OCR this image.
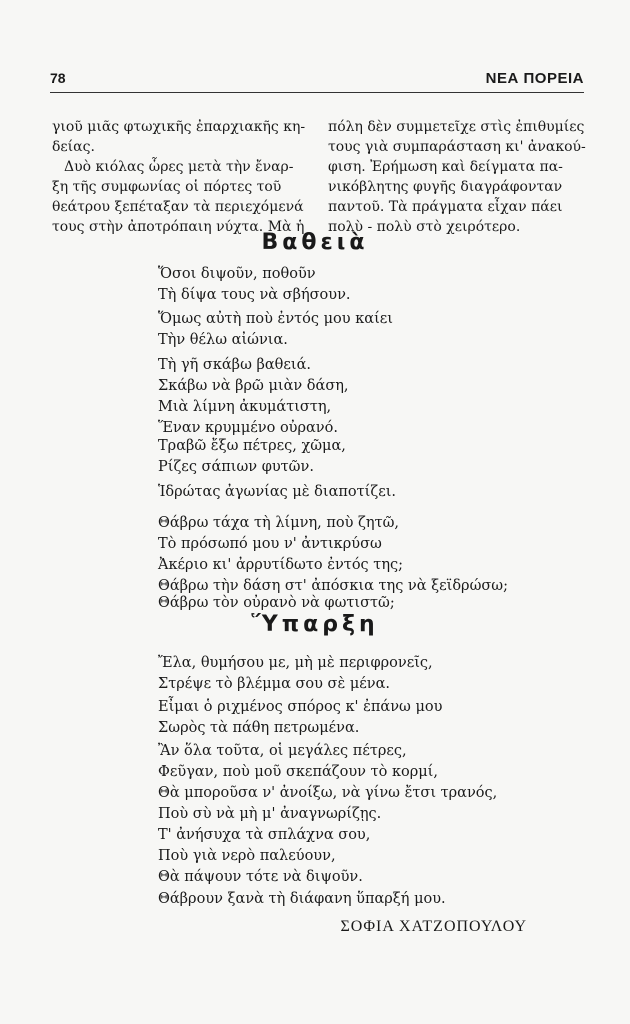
78	ΝΕΑ ΠΟΡΕΙΑ

γιοῦ μιᾶς φτωχικῆς ἐπαρχιακῆς κη-

δείας.

Δυὸ κιόλας ὧρες μετὰ τὴν ἔναρ-

ξη τῆς συμφωνίας οἱ πόρτες τοῦ

θεάτρου ξεπέταξαν τὰ περιεχόμενά

τους στὴν ἀποτρόπαιη νύχτα. Μὰ ἡ

πόλη δὲν συμμετεῖχε στὶς ἐπιθυμίες

τους γιὰ συμπαράσταση κι' ἀνακού-

φιση. Ἐρήμωση καὶ δείγματα πα-

νικόβλητης φυγῆς διαγράφονταν

παντοῦ. Τὰ πράγματα εἶχαν πάει

πολὺ - πολὺ στὸ χειρότερο.

Βαθειὰ
Ὅσοι διψοῦν, ποθοῦν
Τὴ δίψα τους νὰ σβήσουν.
Ὅμως αὐτὴ ποὺ ἐντός μου καίει
Τὴν θέλω αἰώνια.
Τὴ γῆ σκάβω βαθειά.
Σκάβω νὰ βρῶ μιὰν δάση,
Μιὰ λίμνη ἀκυμάτιστη,
Ἕναν κρυμμένο οὐρανό.
Τραβῶ ἔξω πέτρες, χῶμα,
Ρίζες σάπιων φυτῶν.
Ἱδρώτας ἀγωνίας μὲ διαποτίζει.
Θάβρω τάχα τὴ λίμνη, ποὺ ζητῶ,
Τὸ πρόσωπό μου ν' ἀντικρύσω
Ἀκέριο κι' ἀρρυτίδωτο ἐντός της;
Θάβρω τὴν δάση στ' ἀπόσκια της νὰ ξεϊδρώσω;
Θάβρω τὸν οὐρανὸ νὰ φωτιστῶ;
Ὕπαρξη
Ἔλα, θυμήσου με, μὴ μὲ περιφρονεῖς,
Στρέψε τὸ βλέμμα σου σὲ μένα.
Εἶμαι ὁ ριχμένος σπόρος κ' ἐπάνω μου
Σωρὸς τὰ πάθη πετρωμένα.
Ἂν ὅλα τοῦτα, οἱ μεγάλες πέτρες,
Φεῦγαν, ποὺ μοῦ σκεπάζουν τὸ κορμί,
Θὰ μποροῦσα ν' ἀνοίξω, νὰ γίνω ἔτσι τρανός,
Ποὺ σὺ νὰ μὴ μ' ἀναγνωρίζῃς.
Τ' ἀνήσυχα τὰ σπλάχνα σου,
Ποὺ γιὰ νερὸ παλεύουν,
Θὰ πάψουν τότε νὰ διψοῦν.
Θάβρουν ξανὰ τὴ διάφανη ὕπαρξή μου.
ΣΟΦΙΑ ΧΑΤΖΟΠΟΥΛΟΥ
